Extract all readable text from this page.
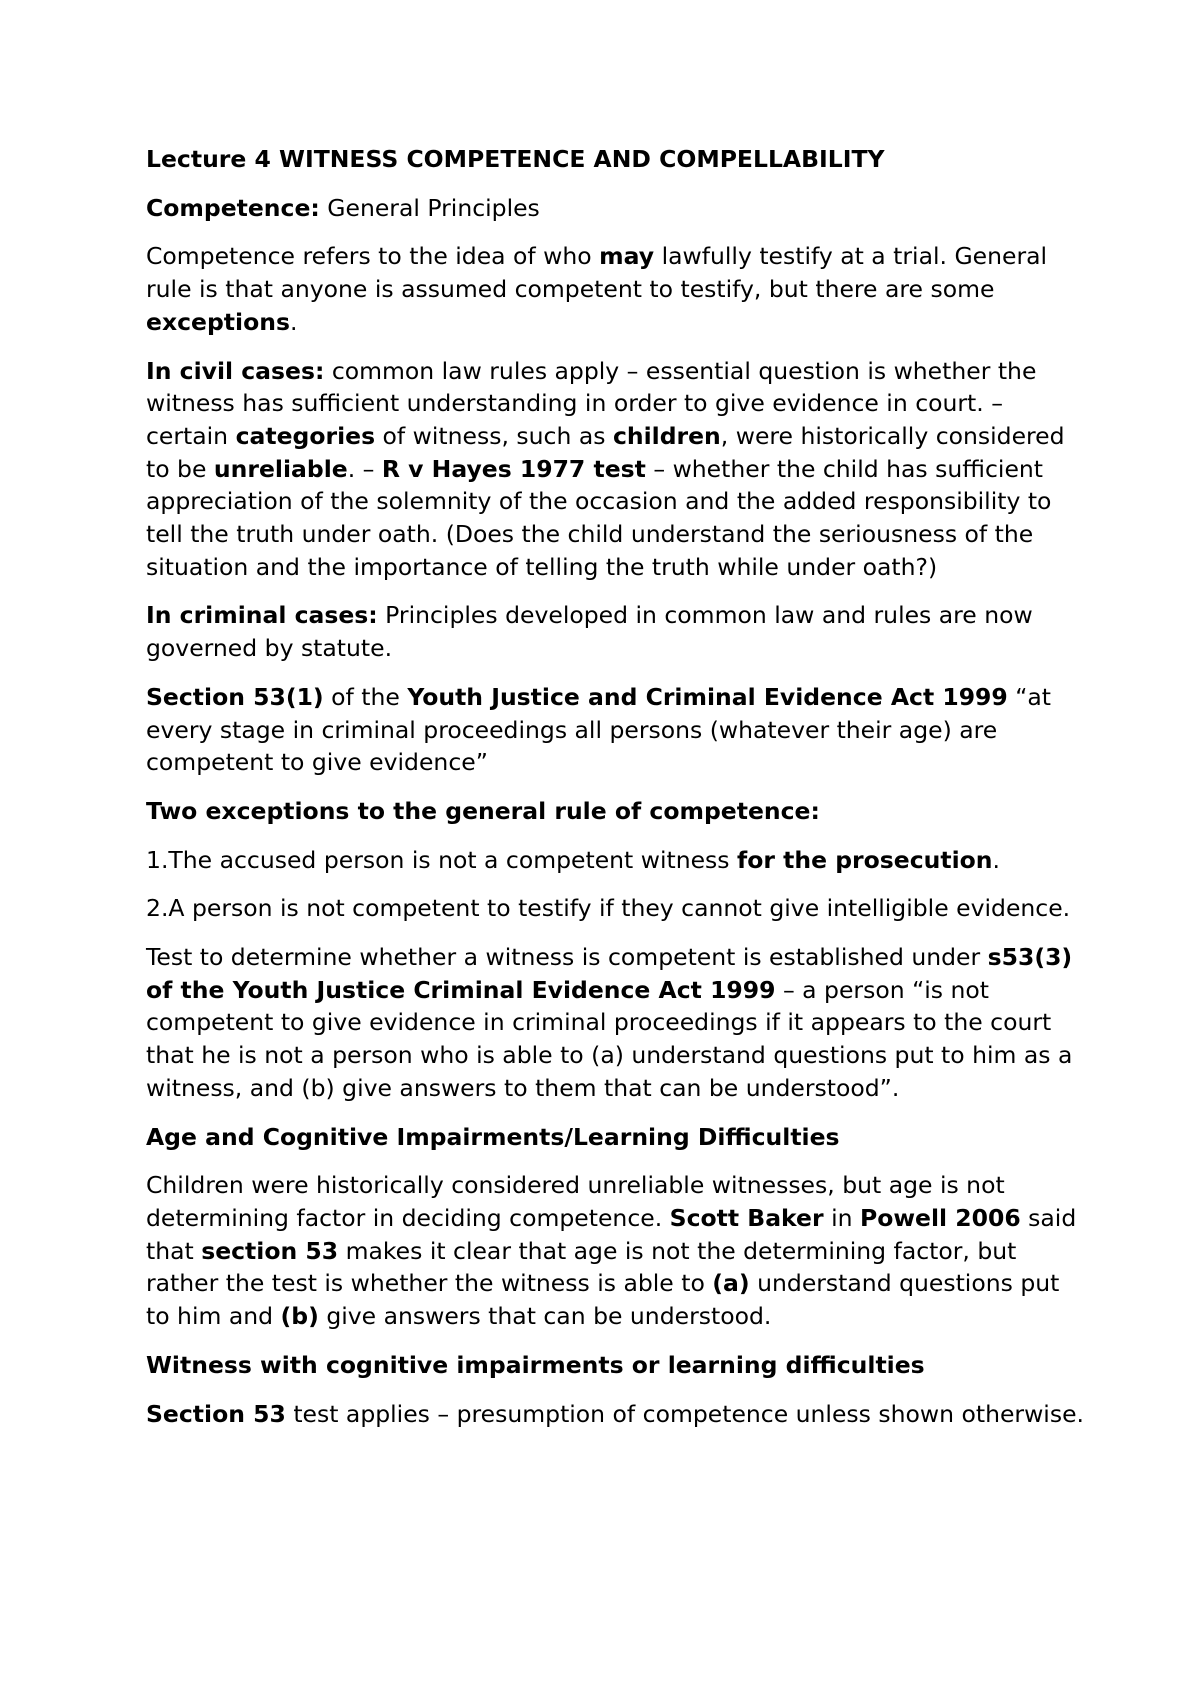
Lecture 4 WITNESS COMPETENCE AND COMPELLABILITY

Competence: General Principles

Competence refers to the idea of who may lawfully testify at a trial. General rule is that anyone is assumed competent to testify, but there are some exceptions.

In civil cases: common law rules apply – essential question is whether the witness has sufficient understanding in order to give evidence in court. – certain categories of witness, such as children, were historically considered to be unreliable. – R v Hayes 1977 test – whether the child has sufficient appreciation of the solemnity of the occasion and the added responsibility to tell the truth under oath. (Does the child understand the seriousness of the situation and the importance of telling the truth while under oath?)

In criminal cases: Principles developed in common law and rules are now governed by statute.

Section 53(1) of the Youth Justice and Criminal Evidence Act 1999 “at every stage in criminal proceedings all persons (whatever their age) are competent to give evidence”

Two exceptions to the general rule of competence:

1.The accused person is not a competent witness for the prosecution.

2.A person is not competent to testify if they cannot give intelligible evidence.

Test to determine whether a witness is competent is established under s53(3) of the Youth Justice Criminal Evidence Act 1999 – a person “is not competent to give evidence in criminal proceedings if it appears to the court that he is not a person who is able to (a) understand questions put to him as a witness, and (b) give answers to them that can be understood”.

Age and Cognitive Impairments/Learning Difficulties

Children were historically considered unreliable witnesses, but age is not determining factor in deciding competence. Scott Baker in Powell 2006 said that section 53 makes it clear that age is not the determining factor, but rather the test is whether the witness is able to (a) understand questions put to him and (b) give answers that can be understood.

Witness with cognitive impairments or learning difficulties

Section 53 test applies – presumption of competence unless shown otherwise.
